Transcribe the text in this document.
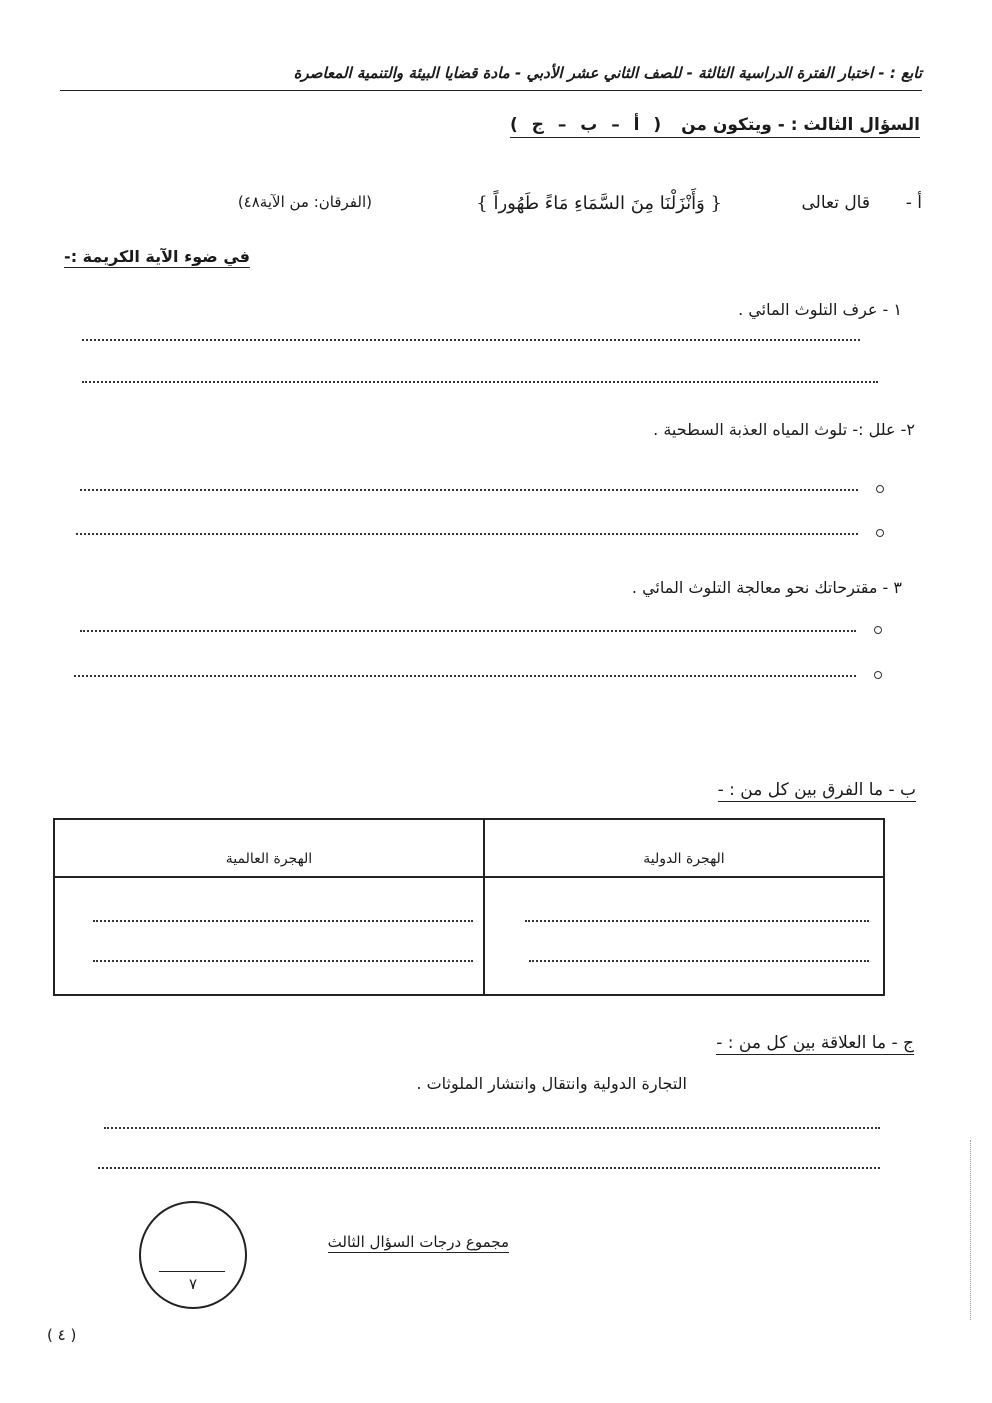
تابع : - اختبار الفترة الدراسية الثالثة - للصف الثاني عشر الأدبي - مادة قضايا البيئة والتنمية المعاصرة
السؤال الثالث : - ويتكون من ( أ – ب – ج )
أ -
قال تعالى
{ وَأَنْزَلْنَا مِنَ السَّمَاءِ مَاءً طَهُوراً }
(الفرقان: من الآية٤٨)
في ضوء الآية الكريمة :-
١ - عرف التلوث المائي .
٢- علل :- تلوث المياه العذبة السطحية .
٣ - مقترحاتك نحو معالجة التلوث المائي .
ب - ما الفرق بين كل من : -
الهجرة الدولية
الهجرة العالمية
ج - ما العلاقة بين كل من : -
التجارة الدولية وانتقال وانتشار الملوثات .
مجموع درجات السؤال الثالث
٧
( ٤ )
